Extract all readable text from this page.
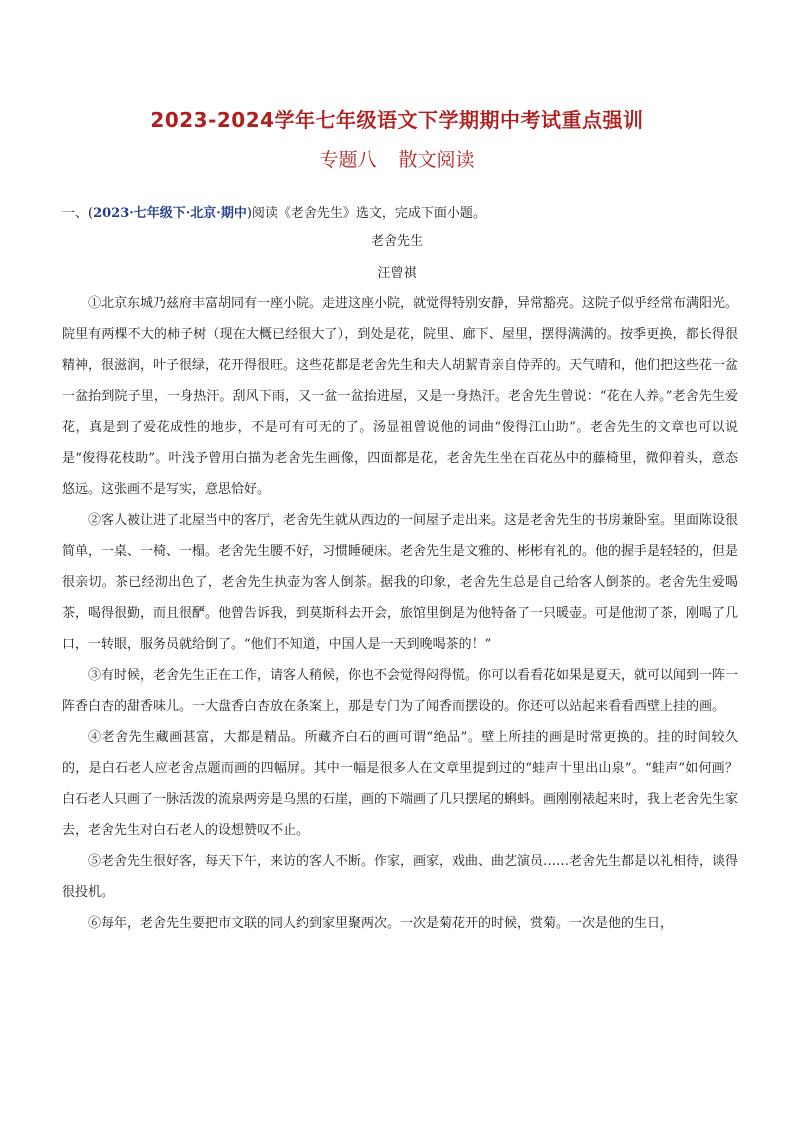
2023-2024学年七年级语文下学期期中考试重点强训
专题八 散文阅读
一、(2023·七年级下·北京·期中)阅读《老舍先生》选文，完成下面小题。
老舍先生
汪曾祺

①北京东城乃兹府丰富胡同有一座小院。走进这座小院，就觉得特别安静，异常豁亮。这院子似乎经常布满阳光。院里有两棵不大的柿子树（现在大概已经很大了），到处是花，院里、廊下、屋里，摆得满满的。按季更换，都长得很精神，很滋润，叶子很绿，花开得很旺。这些花都是老舍先生和夫人胡絜青亲自侍弄的。天气晴和，他们把这些花一盆一盆抬到院子里，一身热汗。刮风下雨，又一盆一盆抬进屋，又是一身热汗。老舍先生曾说：“花在人养。”老舍先生爱花，真是到了爱花成性的地步，不是可有可无的了。汤显祖曾说他的词曲“俊得江山助”。老舍先生的文章也可以说是“俊得花枝助”。叶浅予曾用白描为老舍先生画像，四面都是花，老舍先生坐在百花丛中的藤椅里，微仰着头，意态悠远。这张画不是写实，意思恰好。

②客人被让进了北屋当中的客厅，老舍先生就从西边的一间屋子走出来。这是老舍先生的书房兼卧室。里面陈设很简单，一桌、一椅、一榻。老舍先生腰不好，习惯睡硬床。老舍先生是文雅的、彬彬有礼的。他的握手是轻轻的，但是很亲切。茶已经沏出色了，老舍先生执壶为客人倒茶。据我的印象，老舍先生总是自己给客人倒茶的。老舍先生爱喝茶，喝得很勤，而且很酽。他曾告诉我，到莫斯科去开会，旅馆里倒是为他特备了一只暖壶。可是他沏了茶，刚喝了几口，一转眼，服务员就给倒了。“他们不知道，中国人是一天到晚喝茶的！”

③有时候，老舍先生正在工作，请客人稍候，你也不会觉得闷得慌。你可以看看花如果是夏天，就可以闻到一阵一阵香白杏的甜香味儿。一大盘香白杏放在条案上，那是专门为了闻香而摆设的。你还可以站起来看看西壁上挂的画。

④老舍先生藏画甚富，大都是精品。所藏齐白石的画可谓“绝品”。壁上所挂的画是时常更换的。挂的时间较久的，是白石老人应老舍点题而画的四幅屏。其中一幅是很多人在文章里提到过的“蛙声十里出山泉”。“蛙声”如何画？白石老人只画了一脉活泼的流泉两旁是乌黑的石崖，画的下端画了几只摆尾的蝌蚪。画刚刚裱起来时，我上老舍先生家去，老舍先生对白石老人的设想赞叹不止。

⑤老舍先生很好客，每天下午，来访的客人不断。作家，画家，戏曲、曲艺演员……老舍先生都是以礼相待，谈得很投机。

⑥每年，老舍先生要把市文联的同人约到家里聚两次。一次是菊花开的时候，赏菊。一次是他的生日，
